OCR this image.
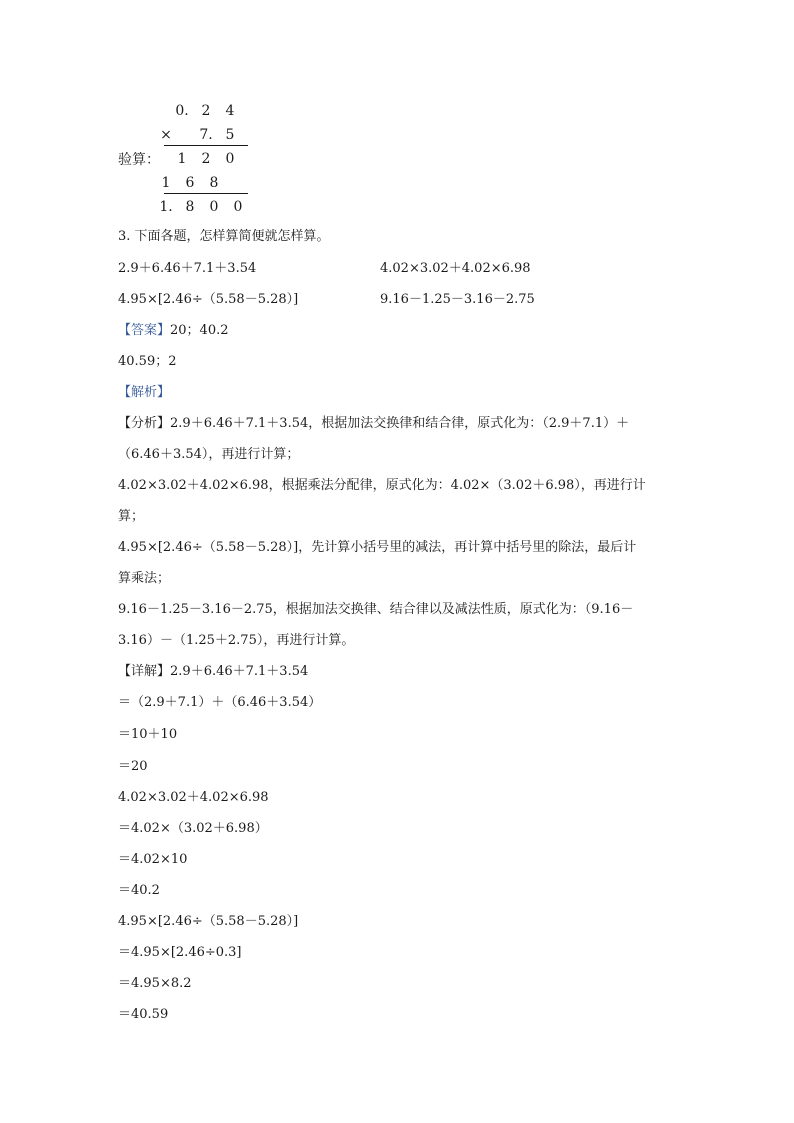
0. 2	4
× 7. 5
验算：	1	2	0
1	6	8
1. 8	0	0
3. 下面各题，怎样算简便就怎样算。
2.9＋6.46＋7.1＋3.54	4.02×3.02＋4.02×6.98
4.95×[2.46÷（5.58－5.28）]	9.16－1.25－3.16－2.75
【答案】20；40.2
40.59；2
【解析】
【分析】2.9＋6.46＋7.1＋3.54，根据加法交换律和结合律，原式化为：（2.9＋7.1）＋
（6.46＋3.54），再进行计算；
4.02×3.02＋4.02×6.98，根据乘法分配律，原式化为：4.02×（3.02＋6.98），再进行计
算；
4.95×[2.46÷（5.58－5.28）]，先计算小括号里的减法，再计算中括号里的除法，最后计
算乘法；
9.16－1.25－3.16－2.75，根据加法交换律、结合律以及减法性质，原式化为：（9.16－
3.16）－（1.25＋2.75），再进行计算。
【详解】2.9＋6.46＋7.1＋3.54
＝（2.9＋7.1）＋（6.46＋3.54）
＝10＋10
＝20
4.02×3.02＋4.02×6.98
＝4.02×（3.02＋6.98）
＝4.02×10
＝40.2
4.95×[2.46÷（5.58－5.28）]
＝4.95×[2.46÷0.3]
＝4.95×8.2
＝40.59
